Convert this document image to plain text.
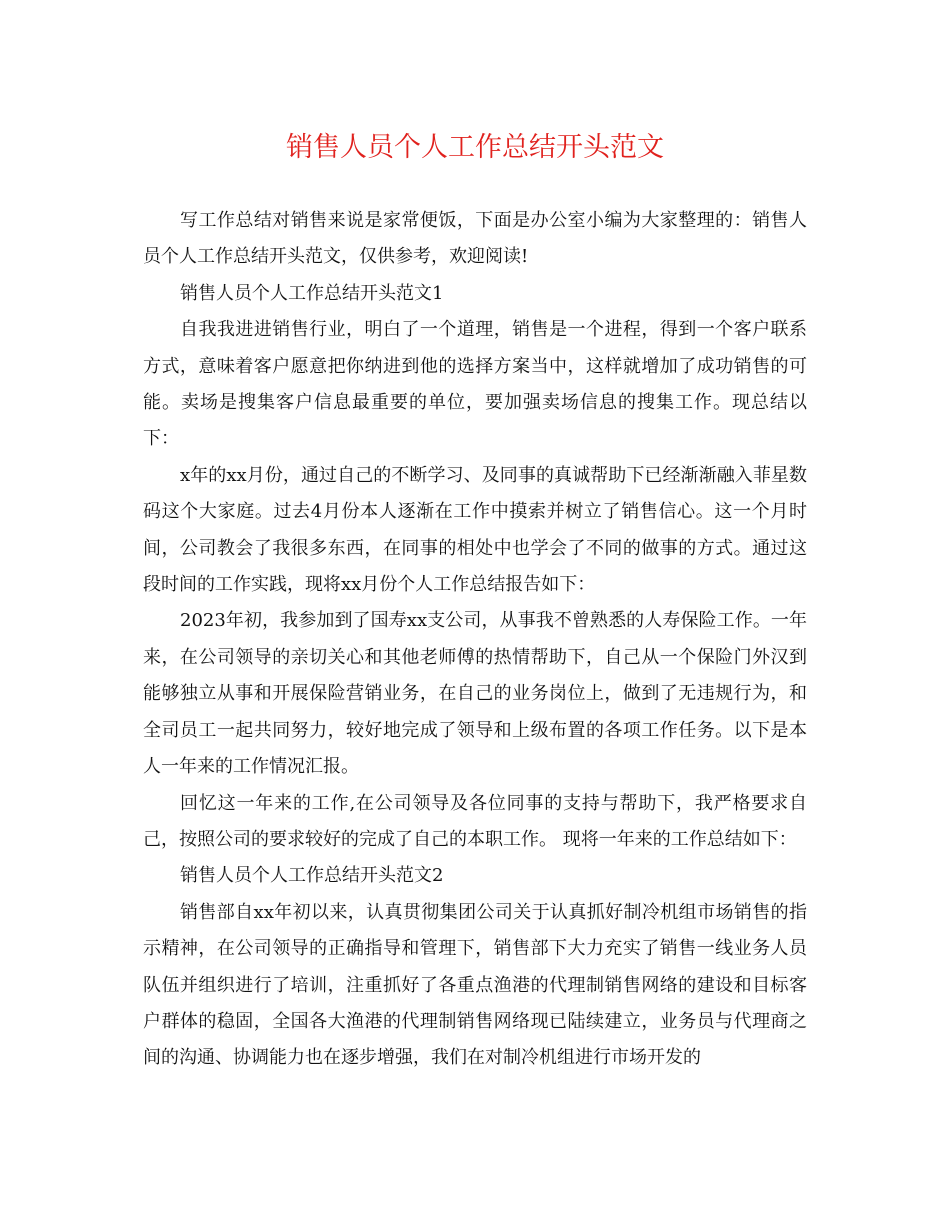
销售人员个人工作总结开头范文

写工作总结对销售来说是家常便饭，下面是办公室小编为大家整理的：销售人员个人工作总结开头范文，仅供参考，欢迎阅读!

销售人员个人工作总结开头范文1

自我我进进销售行业，明白了一个道理，销售是一个进程，得到一个客户联系方式，意味着客户愿意把你纳进到他的选择方案当中，这样就增加了成功销售的可能。卖场是搜集客户信息最重要的单位，要加强卖场信息的搜集工作。现总结以下：

x年的xx月份，通过自己的不断学习、及同事的真诚帮助下已经渐渐融入菲星数码这个大家庭。过去4月份本人逐渐在工作中摸索并树立了销售信心。这一个月时间，公司教会了我很多东西，在同事的相处中也学会了不同的做事的方式。通过这段时间的工作实践，现将xx月份个人工作总结报告如下：

2023年初，我参加到了国寿xx支公司，从事我不曾熟悉的人寿保险工作。一年来，在公司领导的亲切关心和其他老师傅的热情帮助下，自己从一个保险门外汉到能够独立从事和开展保险营销业务，在自己的业务岗位上，做到了无违规行为，和全司员工一起共同努力，较好地完成了领导和上级布置的各项工作任务。以下是本人一年来的工作情况汇报。

回忆这一年来的工作,在公司领导及各位同事的支持与帮助下，我严格要求自己，按照公司的要求较好的完成了自己的本职工作。 现将一年来的工作总结如下：

销售人员个人工作总结开头范文2

销售部自xx年初以来，认真贯彻集团公司关于认真抓好制冷机组市场销售的指示精神，在公司领导的正确指导和管理下，销售部下大力充实了销售一线业务人员队伍并组织进行了培训，注重抓好了各重点渔港的代理制销售网络的建设和目标客户群体的稳固，全国各大渔港的代理制销售网络现已陆续建立，业务员与代理商之间的沟通、协调能力也在逐步增强，我们在对制冷机组进行市场开发的
